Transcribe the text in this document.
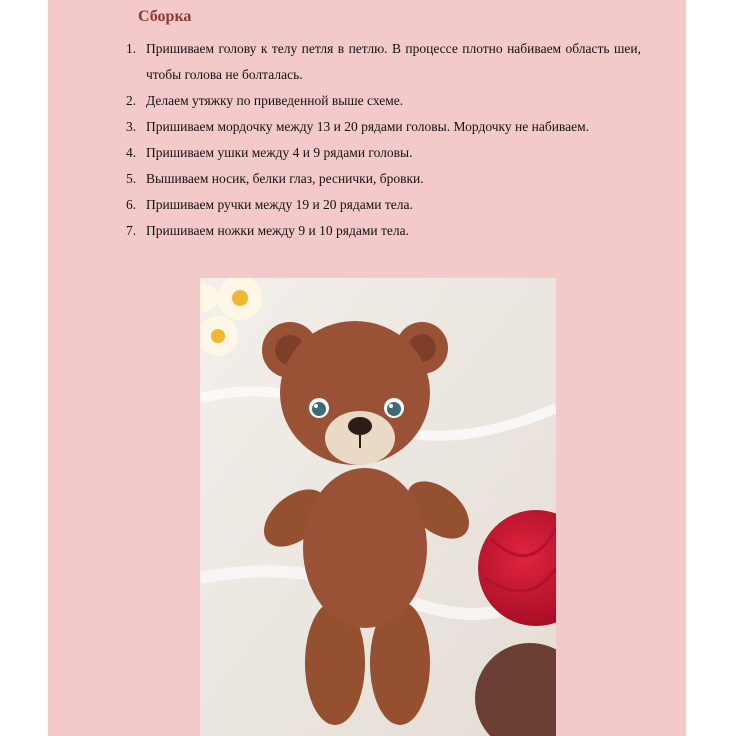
Сборка
1. Пришиваем голову к телу петля в петлю. В процессе плотно набиваем область шеи, чтобы голова не болталась.
2. Делаем утяжку по приведенной выше схеме.
3. Пришиваем мордочку между 13 и 20 рядами головы. Мордочку не набиваем.
4. Пришиваем ушки между 4 и 9 рядами головы.
5. Вышиваем носик, белки глаз, реснички, бровки.
6. Пришиваем ручки между 19 и 20 рядами тела.
7. Пришиваем ножки между 9 и 10 рядами тела.
